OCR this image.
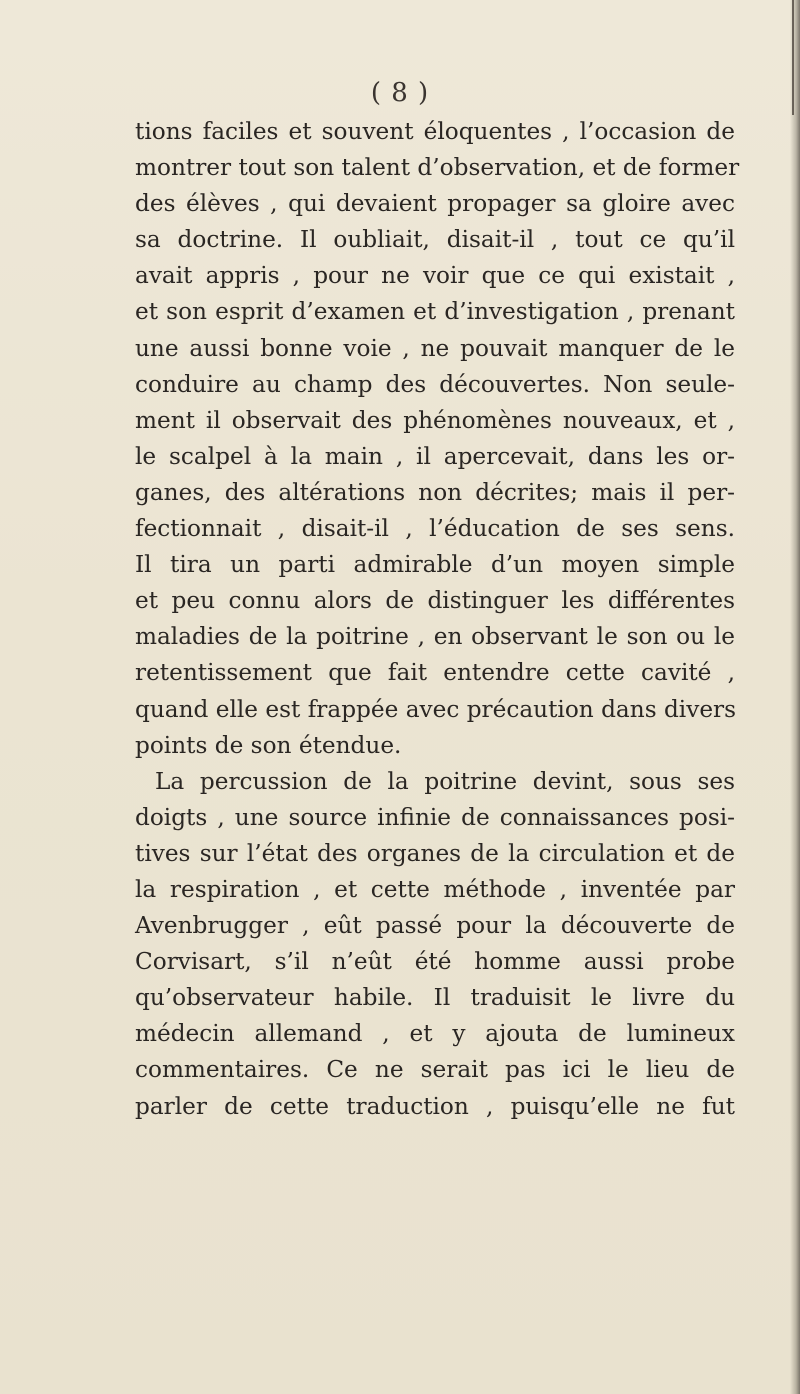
( 8 )
tions faciles et souvent éloquentes , l’occasion de
montrer tout son talent d’observation, et de former
des élèves , qui devaient propager sa gloire avec
sa doctrine. Il oubliait, disait-il , tout ce qu’il
avait appris , pour ne voir que ce qui existait ,
et son esprit d’examen et d’investigation , prenant
une aussi bonne voie , ne pouvait manquer de le
conduire au champ des découvertes. Non seule-
ment il observait des phénomènes nouveaux, et ,
le scalpel à la main , il apercevait, dans les or-
ganes, des altérations non décrites; mais il per-
fectionnait , disait-il , l’éducation de ses sens.
Il tira un parti admirable d’un moyen simple
et peu connu alors de distinguer les différentes
maladies de la poitrine , en observant le son ou le
retentissement que fait entendre cette cavité ,
quand elle est frappée avec précaution dans divers
points de son étendue.
La percussion de la poitrine devint, sous ses
doigts , une source infinie de connaissances posi-
tives sur l’état des organes de la circulation et de
la respiration , et cette méthode , inventée par
Avenbrugger , eût passé pour la découverte de
Corvisart, s’il n’eût été homme aussi probe
qu’observateur habile. Il traduisit le livre du
médecin allemand , et y ajouta de lumineux
commentaires. Ce ne serait pas ici le lieu de
parler de cette traduction , puisqu’elle ne fut
